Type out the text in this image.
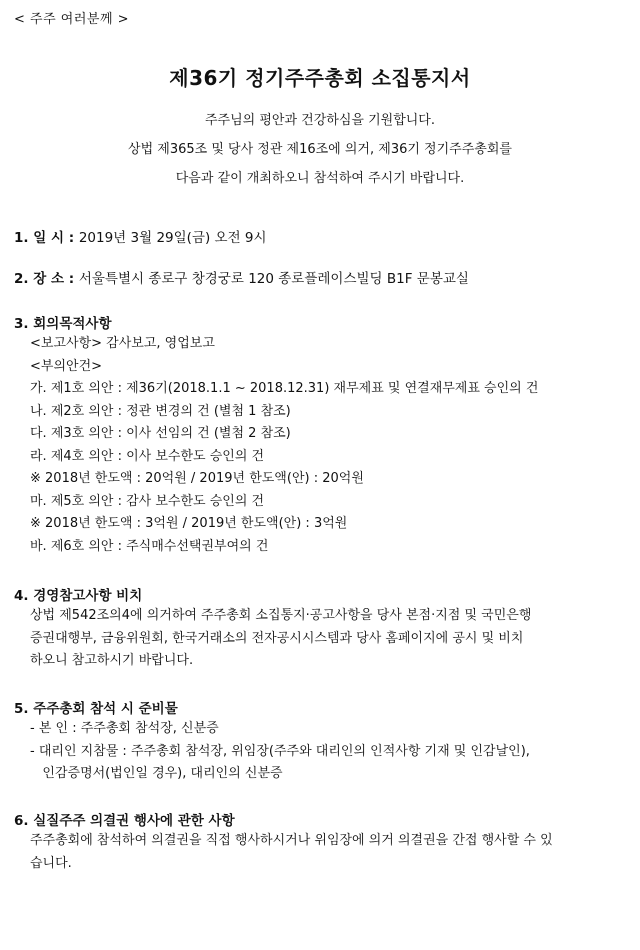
< 주주 여러분께 >
제36기 정기주주총회 소집통지서
주주님의 평안과 건강하심을 기원합니다.
상법 제365조 및 당사 정관 제16조에 의거, 제36기 정기주주총회를
다음과 같이 개최하오니 참석하여 주시기 바랍니다.
1. 일 시 : 2019년 3월 29일(금) 오전 9시
2. 장 소 : 서울특별시 종로구 창경궁로 120 종로플레이스빌딩 B1F 문봉교실
3. 회의목적사항
<보고사항> 감사보고, 영업보고
<부의안건>
가. 제1호 의안 : 제36기(2018.1.1 ~ 2018.12.31) 재무제표 및 연결재무제표 승인의 건
나. 제2호 의안 : 정관 변경의 건 (별첨 1 참조)
다. 제3호 의안 : 이사 선임의 건 (별첨 2 참조)
라. 제4호 의안 : 이사 보수한도 승인의 건
※ 2018년 한도액 : 20억원 / 2019년 한도액(안) : 20억원
마. 제5호 의안 : 감사 보수한도 승인의 건
※ 2018년 한도액 : 3억원 / 2019년 한도액(안) : 3억원
바. 제6호 의안 : 주식매수선택권부여의 건
4. 경영참고사항 비치
상법 제542조의4에 의거하여 주주총회 소집통지·공고사항을 당사 본점·지점 및 국민은행
증권대행부, 금융위원회, 한국거래소의 전자공시시스템과 당사 홈페이지에 공시 및 비치
하오니 참고하시기 바랍니다.
5. 주주총회 참석 시 준비물
- 본 인 : 주주총회 참석장, 신분증
- 대리인 지참물 : 주주총회 참석장, 위임장(주주와 대리인의 인적사항 기재 및 인감날인),
인감증명서(법인일 경우), 대리인의 신분증
6. 실질주주 의결권 행사에 관한 사항
주주총회에 참석하여 의결권을 직접 행사하시거나 위임장에 의거 의결권을 간접 행사할 수 있
습니다.
